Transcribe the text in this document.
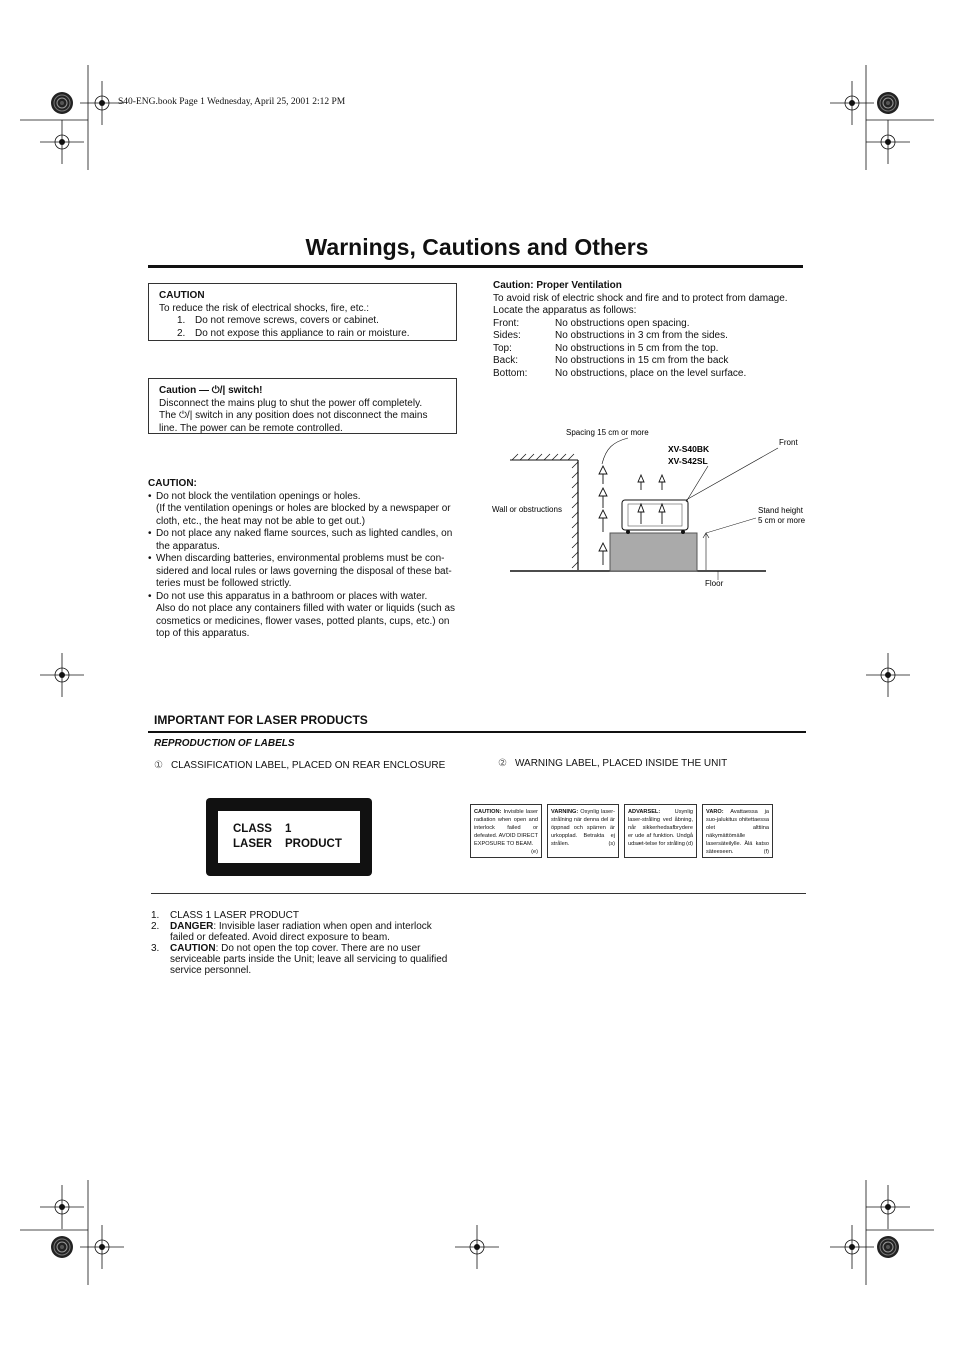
S40-ENG.book Page 1 Wednesday, April 25, 2001 2:12 PM
Warnings, Cautions and Others
CAUTION
To reduce the risk of electrical shocks, fire, etc.:
1. Do not remove screws, covers or cabinet.
2. Do not expose this appliance to rain or moisture.
Caution — ⏻/| switch!
Disconnect the mains plug to shut the power off completely.
The ⏻/| switch in any position does not disconnect the mains
line. The power can be remote controlled.
CAUTION:
• Do not block the ventilation openings or holes.
(If the ventilation openings or holes are blocked by a newspaper or
cloth, etc., the heat may not be able to get out.)
• Do not place any naked flame sources, such as lighted candles, on
the apparatus.
• When discarding batteries, environmental problems must be con-
sidered and local rules or laws governing the disposal of these bat-
teries must be followed strictly.
• Do not use this apparatus in a bathroom or places with water.
Also do not place any containers filled with water or liquids (such as
cosmetics or medicines, flower vases, potted plants, cups, etc.) on
top of this apparatus.
Caution: Proper Ventilation
To avoid risk of electric shock and fire and to protect from damage.
Locate the apparatus as follows:
Front:	No obstructions open spacing.
Sides:	No obstructions in 3 cm from the sides.
Top:	No obstructions in 5 cm from the top.
Back:	No obstructions in 15 cm from the back
Bottom:	No obstructions, place on the level surface.
Spacing 15 cm or more
XV-S40BK
XV-S42SL
Front
Wall or obstructions	Stand height
5 cm or more
Floor
IMPORTANT FOR LASER PRODUCTS
REPRODUCTION OF LABELS
① CLASSIFICATION LABEL, PLACED ON REAR ENCLOSURE	② WARNING LABEL, PLACED INSIDE THE UNIT
CLASS 1
LASER PRODUCT
CAUTION: Invisible laser radiation when open and interlock failed or defeated. AVOID DIRECT EXPOSURE TO BEAM.
(e)
VARNING: Osynlig laser-strålning när denna del är öppnad och spärren är urkopplad. Betrakta ej strålen.	(s)
ADVARSEL:	Usynlig laser-stråling ved åbning, når sikkerhedsafbrydere er ude af funktion. Undgå udsæt-telse for stråling (d)
VARO: Avattaessa ja suo-jalukitus ohitettaessa olet alttiina näkymättömälle lasersäteilylle. Älä katso säteeseen.	(f)
1. CLASS 1 LASER PRODUCT
2. DANGER: Invisible laser radiation when open and interlock
failed or defeated. Avoid direct exposure to beam.
3. CAUTION: Do not open the top cover. There are no user
serviceable parts inside the Unit; leave all servicing to qualified
service personnel.
